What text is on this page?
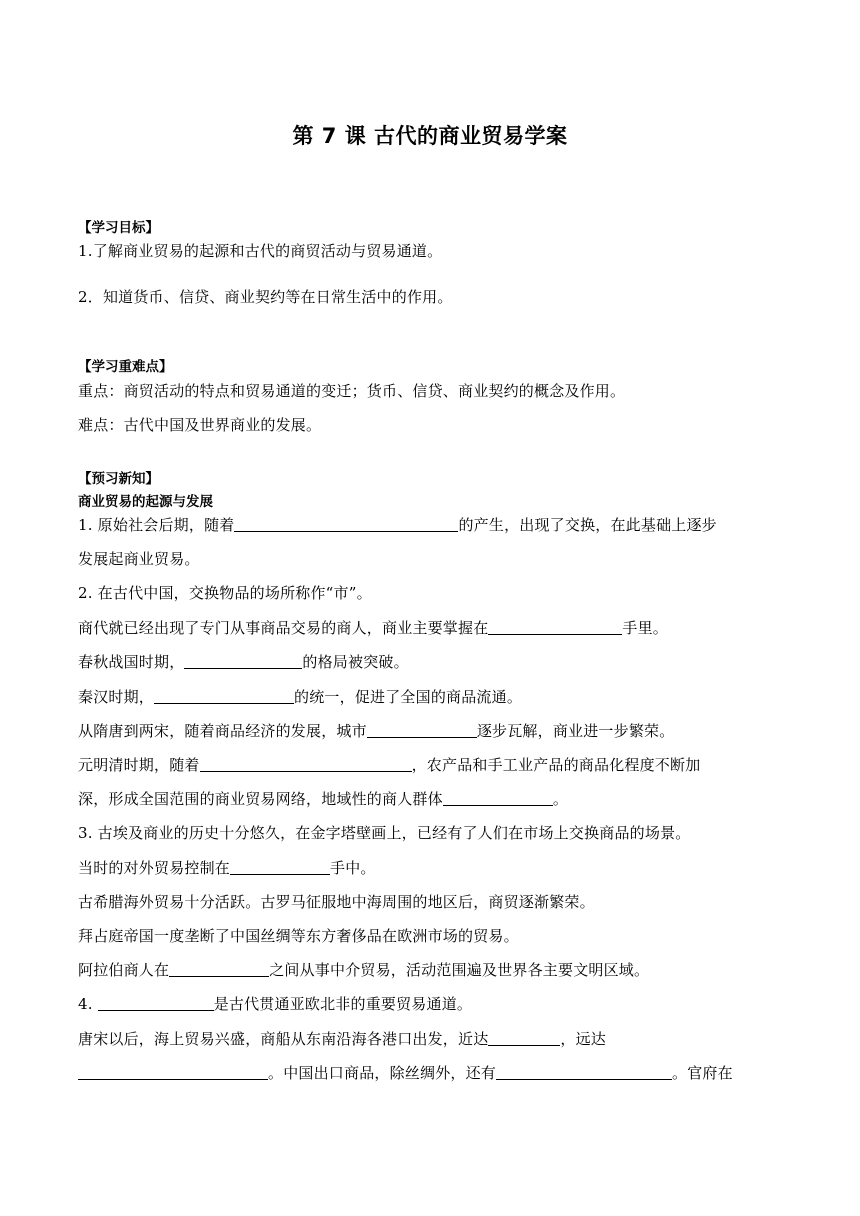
第 7 课 古代的商业贸易学案
【学习目标】
1.了解商业贸易的起源和古代的商贸活动与贸易通道。
2．知道货币、信贷、商业契约等在日常生活中的作用。
【学习重难点】
重点：商贸活动的特点和贸易通道的变迁；货币、信贷、商业契约的概念及作用。
难点：古代中国及世界商业的发展。
【预习新知】
商业贸易的起源与发展
1. 原始社会后期，随着	的产生，出现了交换，在此基础上逐步
发展起商业贸易。
2. 在古代中国，交换物品的场所称作“市”。
商代就已经出现了专门从事商品交易的商人，商业主要掌握在	手里。
春秋战国时期，	的格局被突破。
秦汉时期，	的统一，促进了全国的商品流通。
从隋唐到两宋，随着商品经济的发展，城市	逐步瓦解，商业进一步繁荣。
元明清时期，随着	，农产品和手工业产品的商品化程度不断加
深，形成全国范围的商业贸易网络，地域性的商人群体	。
3. 古埃及商业的历史十分悠久，在金字塔壁画上，已经有了人们在市场上交换商品的场景。
当时的对外贸易控制在	手中。
古希腊海外贸易十分活跃。古罗马征服地中海周围的地区后，商贸逐渐繁荣。
拜占庭帝国一度垄断了中国丝绸等东方奢侈品在欧洲市场的贸易。
阿拉伯商人在	之间从事中介贸易，活动范围遍及世界各主要文明区域。
4.	是古代贯通亚欧北非的重要贸易通道。
唐宋以后，海上贸易兴盛，商船从东南沿海各港口出发，近达	，远达
。中国出口商品，除丝绸外，还有	。官府在
